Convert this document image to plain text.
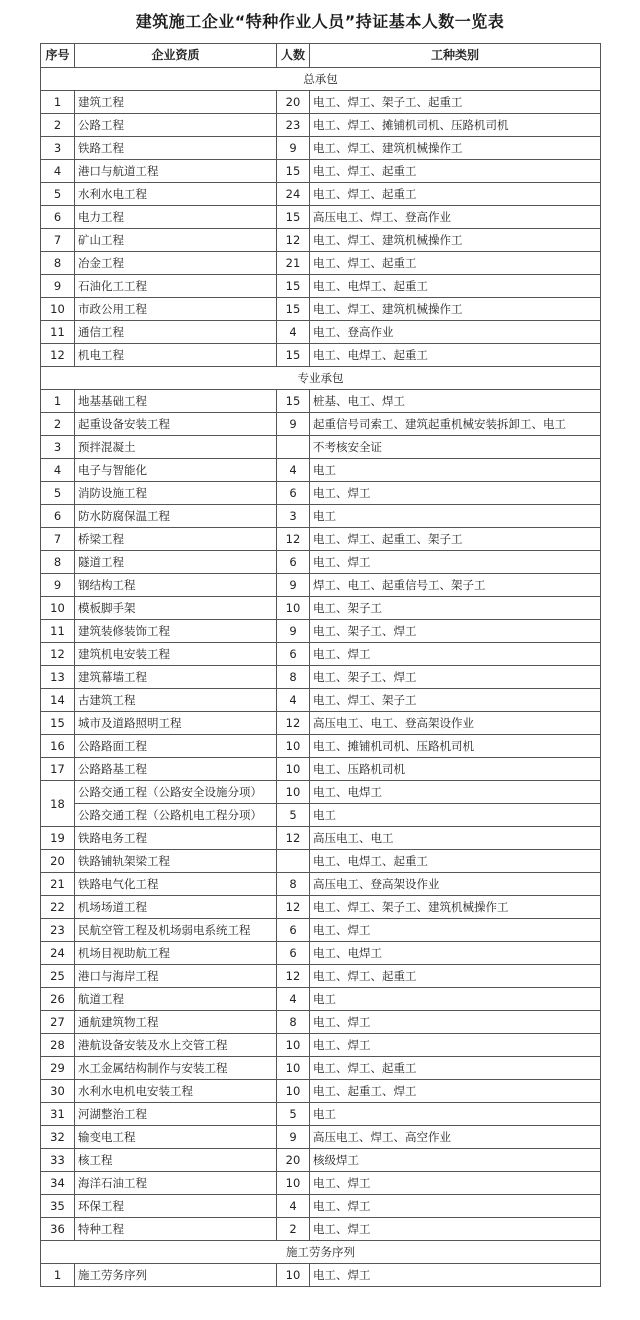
建筑施工企业“特种作业人员”持证基本人数一览表
序号	企业资质	人数	工种类别
总承包			
1	建筑工程	20	电工、焊工、架子工、起重工
2	公路工程	23	电工、焊工、摊铺机司机、压路机司机
3	铁路工程	9	电工、焊工、建筑机械操作工
4	港口与航道工程	15	电工、焊工、起重工
5	水利水电工程	24	电工、焊工、起重工
6	电力工程	15	高压电工、焊工、登高作业
7	矿山工程	12	电工、焊工、建筑机械操作工
8	冶金工程	21	电工、焊工、起重工
9	石油化工工程	15	电工、电焊工、起重工
10	市政公用工程	15	电工、焊工、建筑机械操作工
11	通信工程	4	电工、登高作业
12	机电工程	15	电工、电焊工、起重工
专业承包			
1	地基基础工程	15	桩基、电工、焊工
2	起重设备安装工程	9	起重信号司索工、建筑起重机械安装拆卸工、电工
3	预拌混凝土		不考核安全证
4	电子与智能化	4	电工
5	消防设施工程	6	电工、焊工
6	防水防腐保温工程	3	电工
7	桥梁工程	12	电工、焊工、起重工、架子工
8	隧道工程	6	电工、焊工
9	钢结构工程	9	焊工、电工、起重信号工、架子工
10	模板脚手架	10	电工、架子工
11	建筑装修装饰工程	9	电工、架子工、焊工
12	建筑机电安装工程	6	电工、焊工
13	建筑幕墙工程	8	电工、架子工、焊工
14	古建筑工程	4	电工、焊工、架子工
15	城市及道路照明工程	12	高压电工、电工、登高架设作业
16	公路路面工程	10	电工、摊铺机司机、压路机司机
17	公路路基工程	10	电工、压路机司机
18	公路交通工程（公路安全设施分项）	10	电工、电焊工
	公路交通工程（公路机电工程分项）	5	电工
19	铁路电务工程	12	高压电工、电工
20	铁路铺轨架梁工程		电工、电焊工、起重工
21	铁路电气化工程	8	高压电工、登高架设作业
22	机场场道工程	12	电工、焊工、架子工、建筑机械操作工
23	民航空管工程及机场弱电系统工程	6	电工、焊工
24	机场目视助航工程	6	电工、电焊工
25	港口与海岸工程	12	电工、焊工、起重工
26	航道工程	4	电工
27	通航建筑物工程	8	电工、焊工
28	港航设备安装及水上交管工程	10	电工、焊工
29	水工金属结构制作与安装工程	10	电工、焊工、起重工
30	水利水电机电安装工程	10	电工、起重工、焊工
31	河湖整治工程	5	电工
32	输变电工程	9	高压电工、焊工、高空作业
33	核工程	20	核级焊工
34	海洋石油工程	10	电工、焊工
35	环保工程	4	电工、焊工
36	特种工程	2	电工、焊工
施工劳务序列			
1	施工劳务序列	10	电工、焊工
